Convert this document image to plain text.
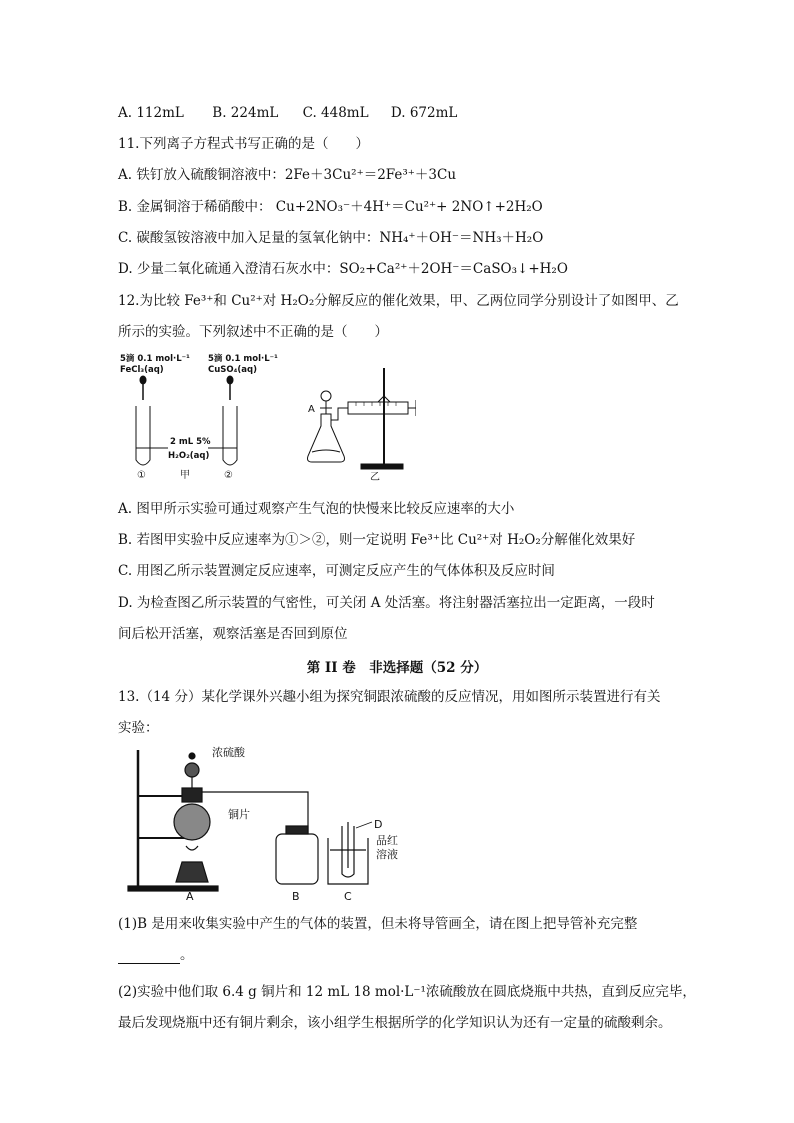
A. 112mL B. 224mL C. 448mL D. 672mL
11.下列离子方程式书写正确的是（　　）
A. 铁钉放入硫酸铜溶液中：2Fe＋3Cu²⁺＝2Fe³⁺＋3Cu
B. 金属铜溶于稀硝酸中： Cu+2NO₃⁻＋4H⁺＝Cu²⁺+ 2NO↑+2H₂O
C. 碳酸氢铵溶液中加入足量的氢氧化钠中：NH₄⁺＋OH⁻＝NH₃＋H₂O
D. 少量二氧化硫通入澄清石灰水中：SO₂+Ca²⁺＋2OH⁻＝CaSO₃↓+H₂O
12.为比较 Fe³⁺和 Cu²⁺对 H₂O₂分解反应的催化效果，甲、乙两位同学分别设计了如图甲、乙
所示的实验。下列叙述中不正确的是（　　）
5滴 0.1 mol·L⁻¹
FeCl₃(aq)
5滴 0.1 mol·L⁻¹
CuSO₄(aq)
2 mL 5%
H₂O₂(aq)
①	②
甲
A
乙
A. 图甲所示实验可通过观察产生气泡的快慢来比较反应速率的大小
B. 若图甲实验中反应速率为①＞②，则一定说明 Fe³⁺比 Cu²⁺对 H₂O₂分解催化效果好
C. 用图乙所示装置测定反应速率，可测定反应产生的气体体积及反应时间
D. 为检查图乙所示装置的气密性，可关闭 A 处活塞。将注射器活塞拉出一定距离，一段时
间后松开活塞，观察活塞是否回到原位
第 II 卷　非选择题（52 分）
13.（14 分）某化学课外兴趣小组为探究铜跟浓硫酸的反应情况，用如图所示装置进行有关
实验：
浓硫酸
铜片
D
品红
溶液
A	B	C
(1)B 是用来收集实验中产生的气体的装置，但未将导管画全，请在图上把导管补充完整
。
(2)实验中他们取 6.4 g 铜片和 12 mL 18 mol·L⁻¹浓硫酸放在圆底烧瓶中共热，直到反应完毕，
最后发现烧瓶中还有铜片剩余，该小组学生根据所学的化学知识认为还有一定量的硫酸剩余。
